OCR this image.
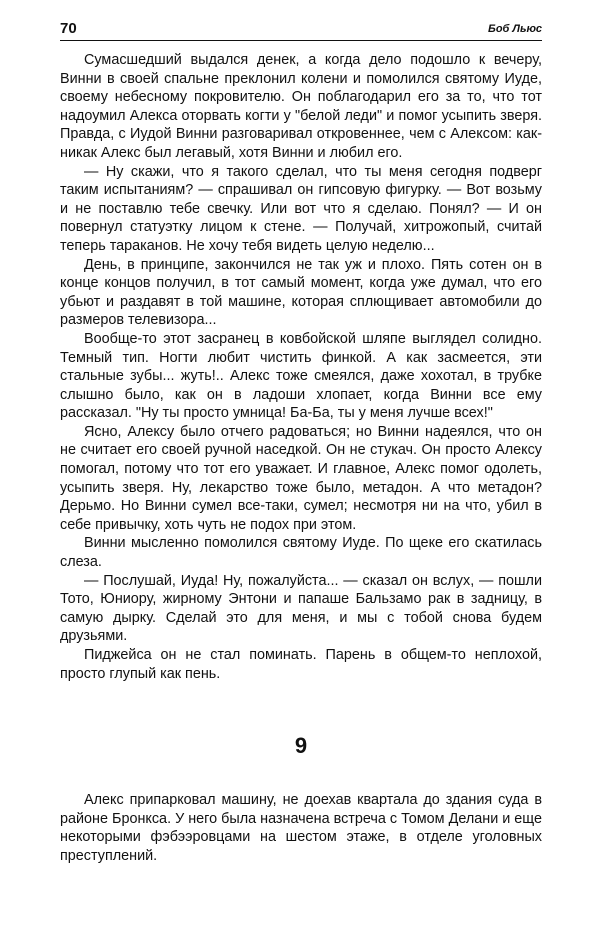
70	Боб Льюс

Сумасшедший выдался денек, а когда дело подошло к вечеру, Винни в своей спальне преклонил колени и помолился святому Иуде, своему небесному покровителю. Он поблагодарил его за то, что тот надоумил Алекса оторвать когти у "белой леди" и помог усыпить зверя. Правда, с Иудой Винни разговаривал откровеннее, чем с Алексом: как-никак Алекс был легавый, хотя Винни и любил его.

— Ну скажи, что я такого сделал, что ты меня сегодня подверг таким испытаниям? — спрашивал он гипсовую фигурку. — Вот возьму и не поставлю тебе свечку. Или вот что я сделаю. Понял? — И он повернул статуэтку лицом к стене. — Получай, хитрожопый, считай теперь тараканов. Не хочу тебя видеть целую неделю...

День, в принципе, закончился не так уж и плохо. Пять сотен он в конце концов получил, в тот самый момент, когда уже думал, что его убьют и раздавят в той машине, которая сплющивает автомобили до размеров телевизора...

Вообще-то этот засранец в ковбойской шляпе выглядел солидно. Темный тип. Ногти любит чистить финкой. А как засмеется, эти стальные зубы... жуть!.. Алекс тоже смеялся, даже хохотал, в трубке слышно было, как он в ладоши хлопает, когда Винни все ему рассказал. "Ну ты просто умница! Ба-Ба, ты у меня лучше всех!"

Ясно, Алексу было отчего радоваться; но Винни надеялся, что он не считает его своей ручной наседкой. Он не стукач. Он просто Алексу помогал, потому что тот его уважает. И главное, Алекс помог одолеть, усыпить зверя. Ну, лекарство тоже было, метадон. А что метадон? Дерьмо. Но Винни сумел все-таки, сумел; несмотря ни на что, убил в себе привычку, хоть чуть не подох при этом.

Винни мысленно помолился святому Иуде. По щеке его скатилась слеза.

— Послушай, Иуда! Ну, пожалуйста... — сказал он вслух, — пошли Тото, Юниору, жирному Энтони и папаше Бальзамо рак в задницу, в самую дырку. Сделай это для меня, и мы с тобой снова будем друзьями.

Пиджейса он не стал поминать. Парень в общем-то неплохой, просто глупый как пень.

9

Алекс припарковал машину, не доехав квартала до здания суда в районе Бронкса. У него была назначена встреча с Томом Делани и еще некоторыми фэбээровцами на шестом этаже, в отделе уголовных преступлений.
